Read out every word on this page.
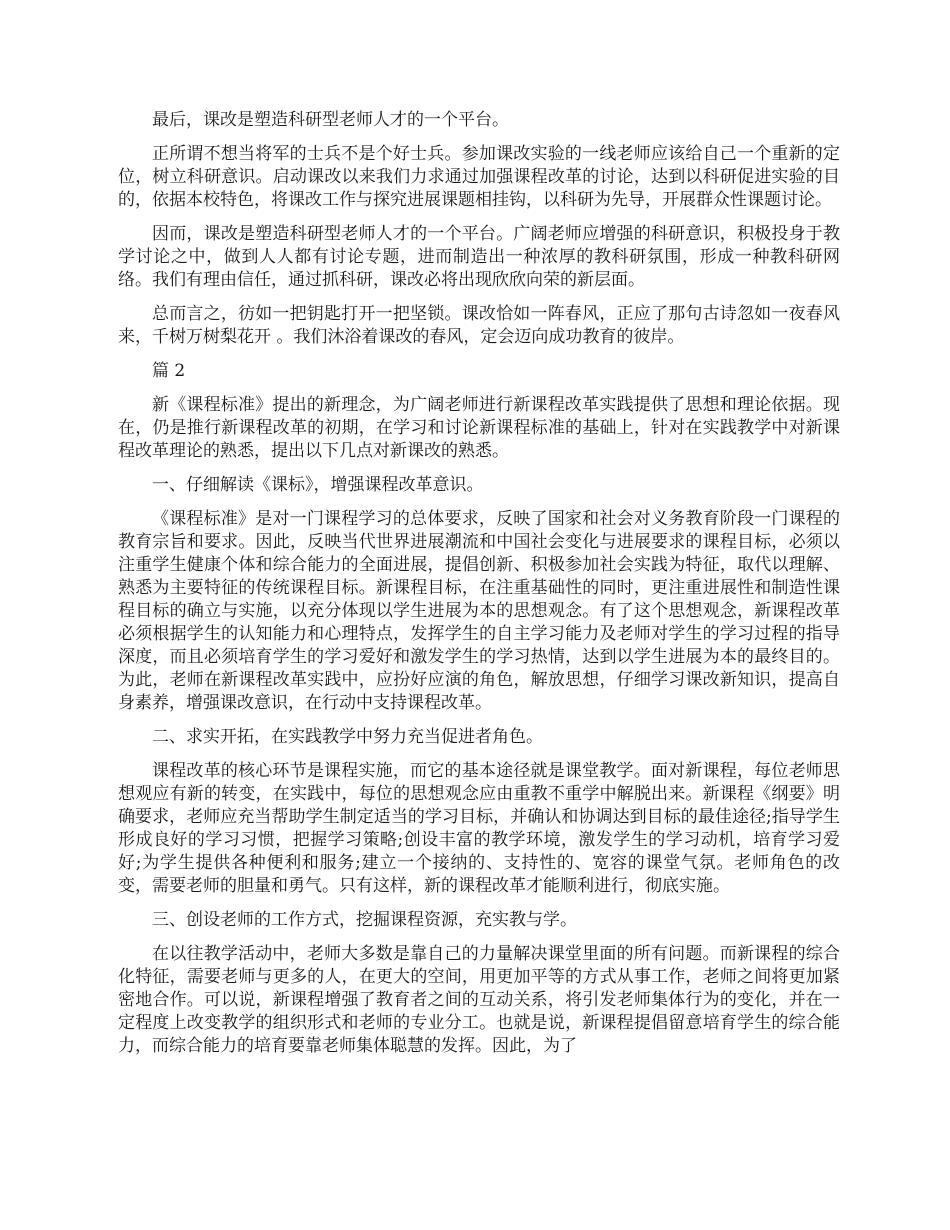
最后，课改是塑造科研型老师人才的一个平台。

正所谓不想当将军的士兵不是个好士兵。参加课改实验的一线老师应该给自己一个重新的定位，树立科研意识。启动课改以来我们力求通过加强课程改革的讨论，达到以科研促进实验的目的，依据本校特色，将课改工作与探究进展课题相挂钩，以科研为先导，开展群众性课题讨论。

因而，课改是塑造科研型老师人才的一个平台。广阔老师应增强的科研意识，积极投身于教学讨论之中，做到人人都有讨论专题，进而制造出一种浓厚的教科研氛围，形成一种教科研网络。我们有理由信任，通过抓科研，课改必将出现欣欣向荣的新层面。

总而言之，彷如一把钥匙打开一把坚锁。课改恰如一阵春风，正应了那句古诗忽如一夜春风来，千树万树梨花开 。我们沐浴着课改的春风，定会迈向成功教育的彼岸。

篇 2

新《课程标准》提出的新理念，为广阔老师进行新课程改革实践提供了思想和理论依据。现在，仍是推行新课程改革的初期，在学习和讨论新课程标准的基础上，针对在实践教学中对新课程改革理论的熟悉，提出以下几点对新课改的熟悉。

一、仔细解读《课标》，增强课程改革意识。

《课程标准》是对一门课程学习的总体要求，反映了国家和社会对义务教育阶段一门课程的教育宗旨和要求。因此，反映当代世界进展潮流和中国社会变化与进展要求的课程目标，必须以注重学生健康个体和综合能力的全面进展，提倡创新、积极参加社会实践为特征，取代以理解、熟悉为主要特征的传统课程目标。新课程目标，在注重基础性的同时，更注重进展性和制造性课程目标的确立与实施，以充分体现以学生进展为本的思想观念。有了这个思想观念，新课程改革必须根据学生的认知能力和心理特点，发挥学生的自主学习能力及老师对学生的学习过程的指导深度，而且必须培育学生的学习爱好和激发学生的学习热情，达到以学生进展为本的最终目的。为此，老师在新课程改革实践中，应扮好应演的角色，解放思想，仔细学习课改新知识，提高自身素养，增强课改意识，在行动中支持课程改革。

二、求实开拓，在实践教学中努力充当促进者角色。

课程改革的核心环节是课程实施，而它的基本途径就是课堂教学。面对新课程，每位老师思想观应有新的转变，在实践中，每位的思想观念应由重教不重学中解脱出来。新课程《纲要》明确要求，老师应充当帮助学生制定适当的学习目标，并确认和协调达到目标的最佳途径;指导学生形成良好的学习习惯，把握学习策略;创设丰富的教学环境，激发学生的学习动机，培育学习爱好;为学生提供各种便利和服务;建立一个接纳的、支持性的、宽容的课堂气氛。老师角色的改变，需要老师的胆量和勇气。只有这样，新的课程改革才能顺利进行，彻底实施。

三、创设老师的工作方式，挖掘课程资源，充实教与学。

在以往教学活动中，老师大多数是靠自己的力量解决课堂里面的所有问题。而新课程的综合化特征，需要老师与更多的人，在更大的空间，用更加平等的方式从事工作，老师之间将更加紧密地合作。可以说，新课程增强了教育者之间的互动关系，将引发老师集体行为的变化，并在一定程度上改变教学的组织形式和老师的专业分工。也就是说，新课程提倡留意培育学生的综合能力，而综合能力的培育要靠老师集体聪慧的发挥。因此，为了
